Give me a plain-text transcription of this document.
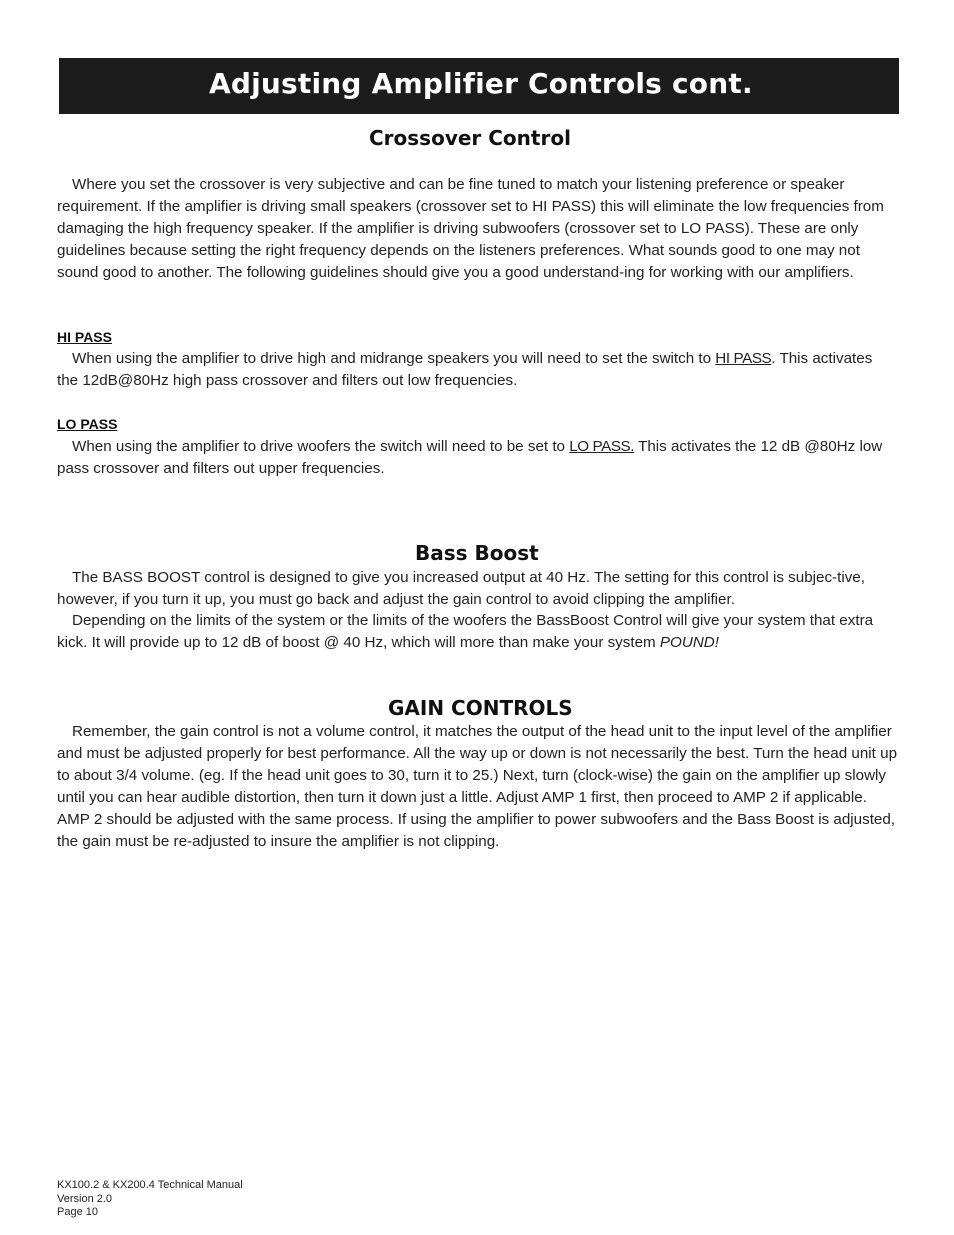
Adjusting Amplifier Controls cont.
Crossover Control

Where you set the crossover is very subjective and can be fine tuned to match your listening preference or speaker requirement. If the amplifier is driving small speakers (crossover set to HI PASS) this will eliminate the low frequencies from damaging the high frequency speaker. If the amplifier is driving subwoofers (crossover set to LO PASS). These are only guidelines because setting the right frequency depends on the listeners preferences. What sounds good to one may not sound good to another. The following guidelines should give you a good understand-ing for working with our amplifiers.

HI PASS

When using the amplifier to drive high and midrange speakers you will need to set the switch to HI PASS. This activates the 12dB@80Hz high pass crossover and filters out low frequencies.

LO PASS

When using the amplifier to drive woofers the switch will need to be set to LO PASS. This activates the 12 dB @80Hz low pass crossover and filters out upper frequencies.

Bass Boost

The BASS BOOST control is designed to give you increased output at 40 Hz. The setting for this control is subjec-tive, however, if you turn it up, you must go back and adjust the gain control to avoid clipping the amplifier.

Depending on the limits of the system or the limits of the woofers the BassBoost Control will give your system that extra kick. It will provide up to 12 dB of boost @ 40 Hz, which will more than make your system POUND!

GAIN CONTROLS

Remember, the gain control is not a volume control, it matches the output of the head unit to the input level of the amplifier and must be adjusted properly for best performance. All the way up or down is not necessarily the best. Turn the head unit up to about 3/4 volume. (eg. If the head unit goes to 30, turn it to 25.) Next, turn (clock-wise) the gain on the amplifier up slowly until you can hear audible distortion, then turn it down just a little. Adjust AMP 1 first, then proceed to AMP 2 if applicable. AMP 2 should be adjusted with the same process. If using the amplifier to power subwoofers and the Bass Boost is adjusted, the gain must be re-adjusted to insure the amplifier is not clipping.

KX100.2 & KX200.4 Technical Manual
Version 2.0
Page 10
